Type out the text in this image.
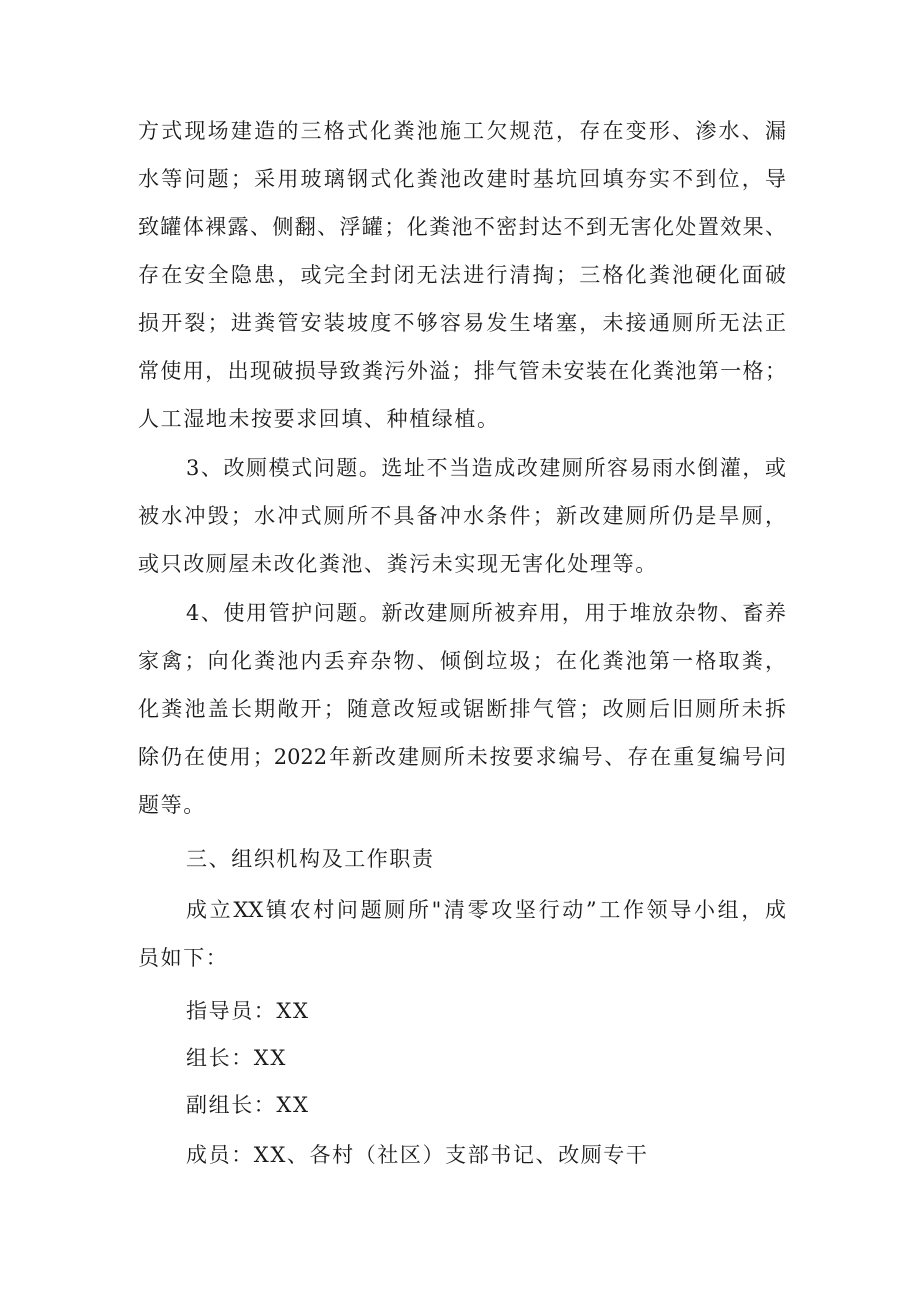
方式现场建造的三格式化粪池施工欠规范，存在变形、渗水、漏
水等问题；采用玻璃钢式化粪池改建时基坑回填夯实不到位，导
致罐体裸露、侧翻、浮罐；化粪池不密封达不到无害化处置效果、
存在安全隐患，或完全封闭无法进行清掏；三格化粪池硬化面破
损开裂；进粪管安装坡度不够容易发生堵塞，未接通厕所无法正
常使用，出现破损导致粪污外溢；排气管未安装在化粪池第一格；
人工湿地未按要求回填、种植绿植。
3、改厕模式问题。选址不当造成改建厕所容易雨水倒灌，或
被水冲毁；水冲式厕所不具备冲水条件；新改建厕所仍是旱厕，
或只改厕屋未改化粪池、粪污未实现无害化处理等。
4、使用管护问题。新改建厕所被弃用，用于堆放杂物、畜养
家禽；向化粪池内丢弃杂物、倾倒垃圾；在化粪池第一格取粪，
化粪池盖长期敞开；随意改短或锯断排气管；改厕后旧厕所未拆
除仍在使用；2022年新改建厕所未按要求编号、存在重复编号问
题等。
三、组织机构及工作职责
成立XX镇农村问题厕所"清零攻坚行动”工作领导小组，成
员如下：
指导员：XX
组长：XX
副组长：XX
成员：XX、各村（社区）支部书记、改厕专干
